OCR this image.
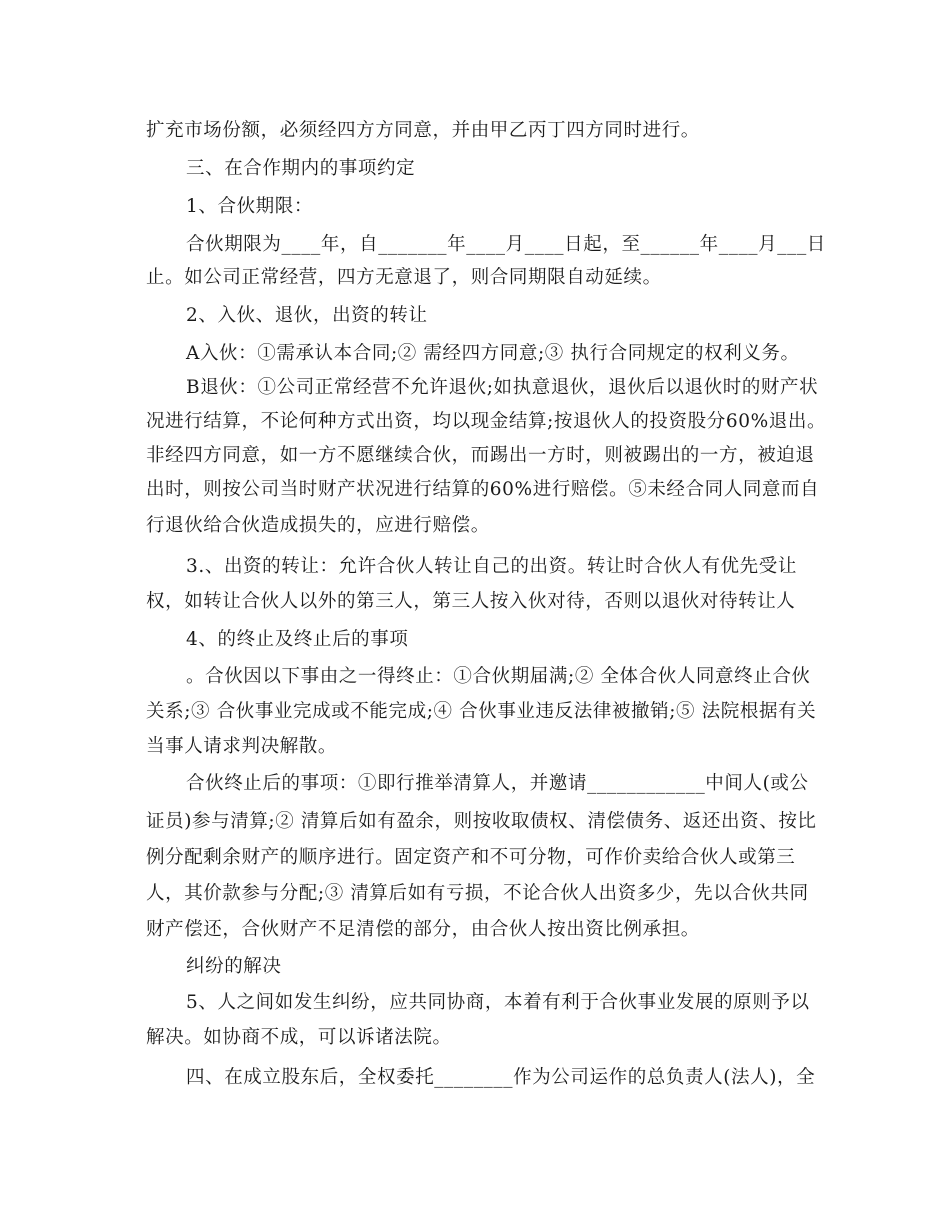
扩充市场份额，必须经四方方同意，并由甲乙丙丁四方同时进行。
三、在合作期内的事项约定
1、合伙期限：
合伙期限为____年，自_______年____月____日起，至______年____月___日
止。如公司正常经营，四方无意退了，则合同期限自动延续。
2、入伙、退伙，出资的转让
A入伙：①需承认本合同;② 需经四方同意;③ 执行合同规定的权利义务。
B退伙：①公司正常经营不允许退伙;如执意退伙，退伙后以退伙时的财产状
况进行结算，不论何种方式出资，均以现金结算;按退伙人的投资股分60%退出。
非经四方同意，如一方不愿继续合伙，而踢出一方时，则被踢出的一方，被迫退
出时，则按公司当时财产状况进行结算的60%进行赔偿。⑤未经合同人同意而自
行退伙给合伙造成损失的，应进行赔偿。
3.、出资的转让：允许合伙人转让自己的出资。转让时合伙人有优先受让
权，如转让合伙人以外的第三人，第三人按入伙对待，否则以退伙对待转让人
4、的终止及终止后的事项
。合伙因以下事由之一得终止：①合伙期届满;② 全体合伙人同意终止合伙
关系;③ 合伙事业完成或不能完成;④ 合伙事业违反法律被撤销;⑤ 法院根据有关
当事人请求判决解散。
合伙终止后的事项：①即行推举清算人，并邀请____________中间人(或公
证员)参与清算;② 清算后如有盈余，则按收取债权、清偿债务、返还出资、按比
例分配剩余财产的顺序进行。固定资产和不可分物，可作价卖给合伙人或第三
人，其价款参与分配;③ 清算后如有亏损，不论合伙人出资多少，先以合伙共同
财产偿还，合伙财产不足清偿的部分，由合伙人按出资比例承担。
纠纷的解决
5、人之间如发生纠纷，应共同协商，本着有利于合伙事业发展的原则予以
解决。如协商不成，可以诉诸法院。
四、在成立股东后，全权委托________作为公司运作的总负责人(法人)，全
